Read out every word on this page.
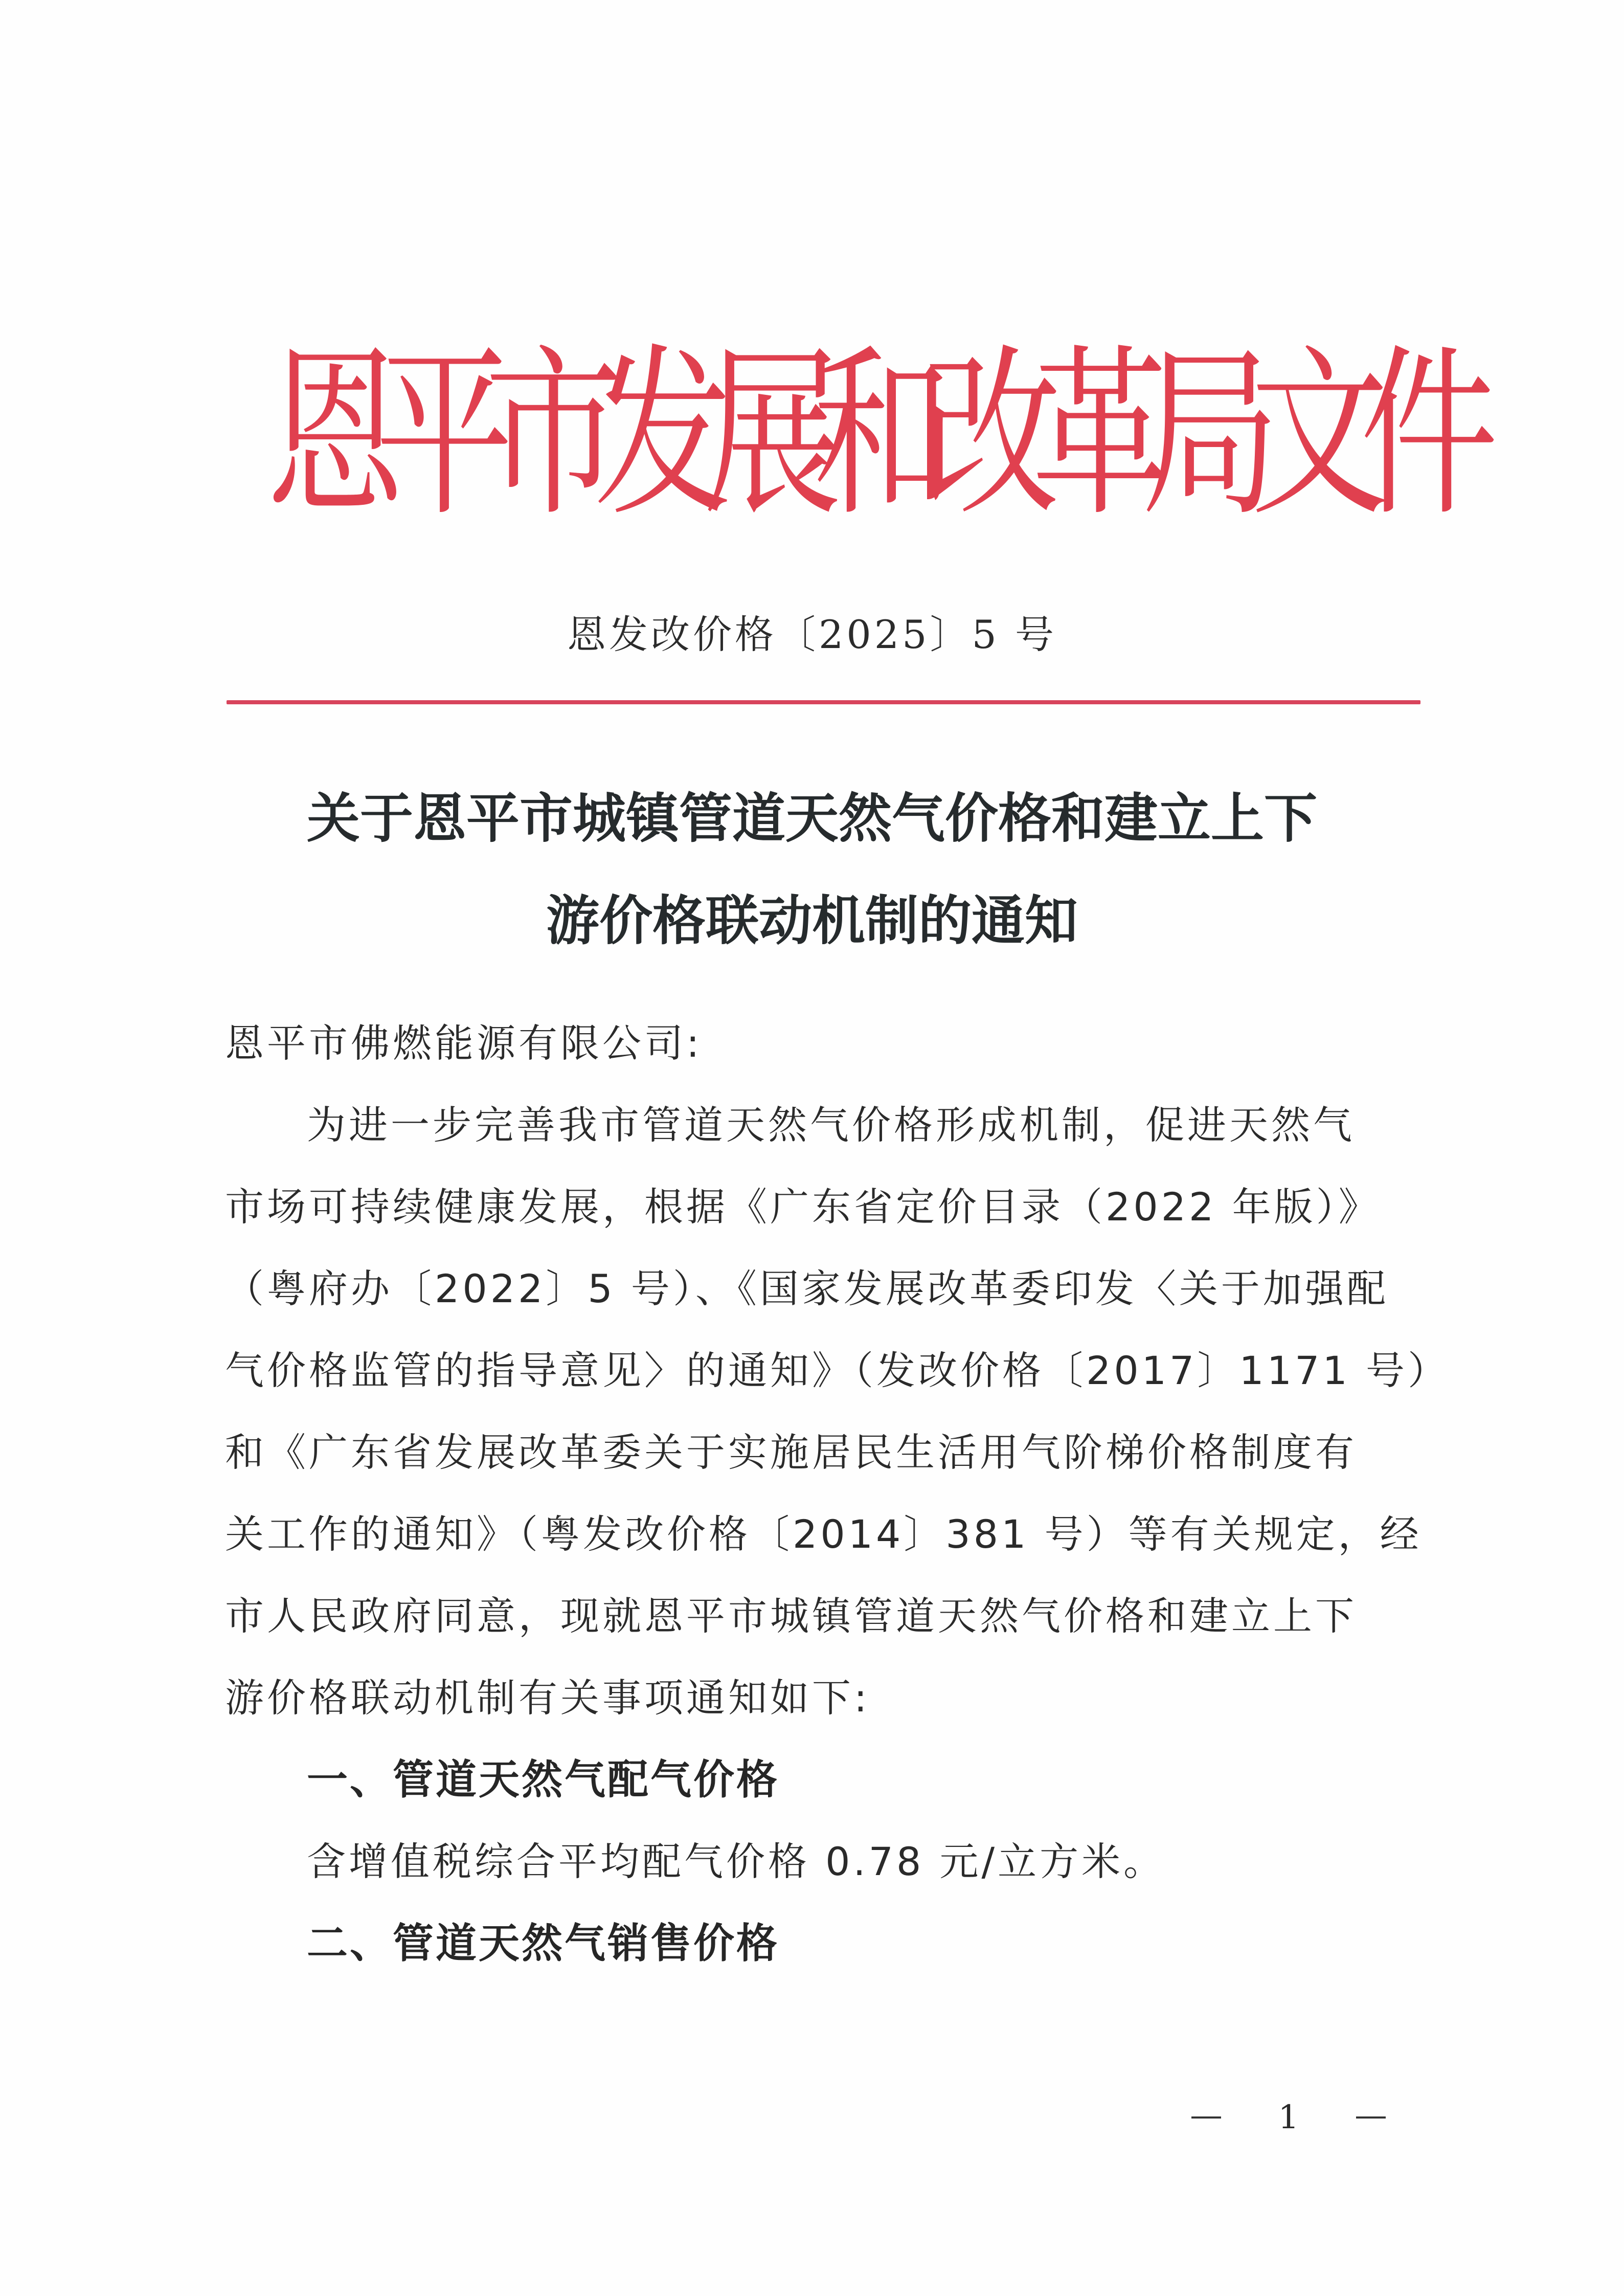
恩
平
市
发
展
和
改
革
局
文
件
恩发改价格〔2025〕5 号
关于恩平市城镇管道天然气价格和建立上下
游价格联动机制的通知
恩平市佛燃能源有限公司:
为进一步完善我市管道天然气价格形成机制，促进天然气
市场可持续健康发展，根据《广东省定价目录（2022 年版）》
（粤府办〔2022〕5 号）、《国家发展改革委印发〈关于加强配
气价格监管的指导意见〉的通知》（发改价格〔2017〕1171 号）
和《广东省发展改革委关于实施居民生活用气阶梯价格制度有
关工作的通知》（粤发改价格〔2014〕381 号）等有关规定，经
市人民政府同意，现就恩平市城镇管道天然气价格和建立上下
游价格联动机制有关事项通知如下:
一、管道天然气配气价格
含增值税综合平均配气价格 0.78 元/立方米。
二、管道天然气销售价格
1
